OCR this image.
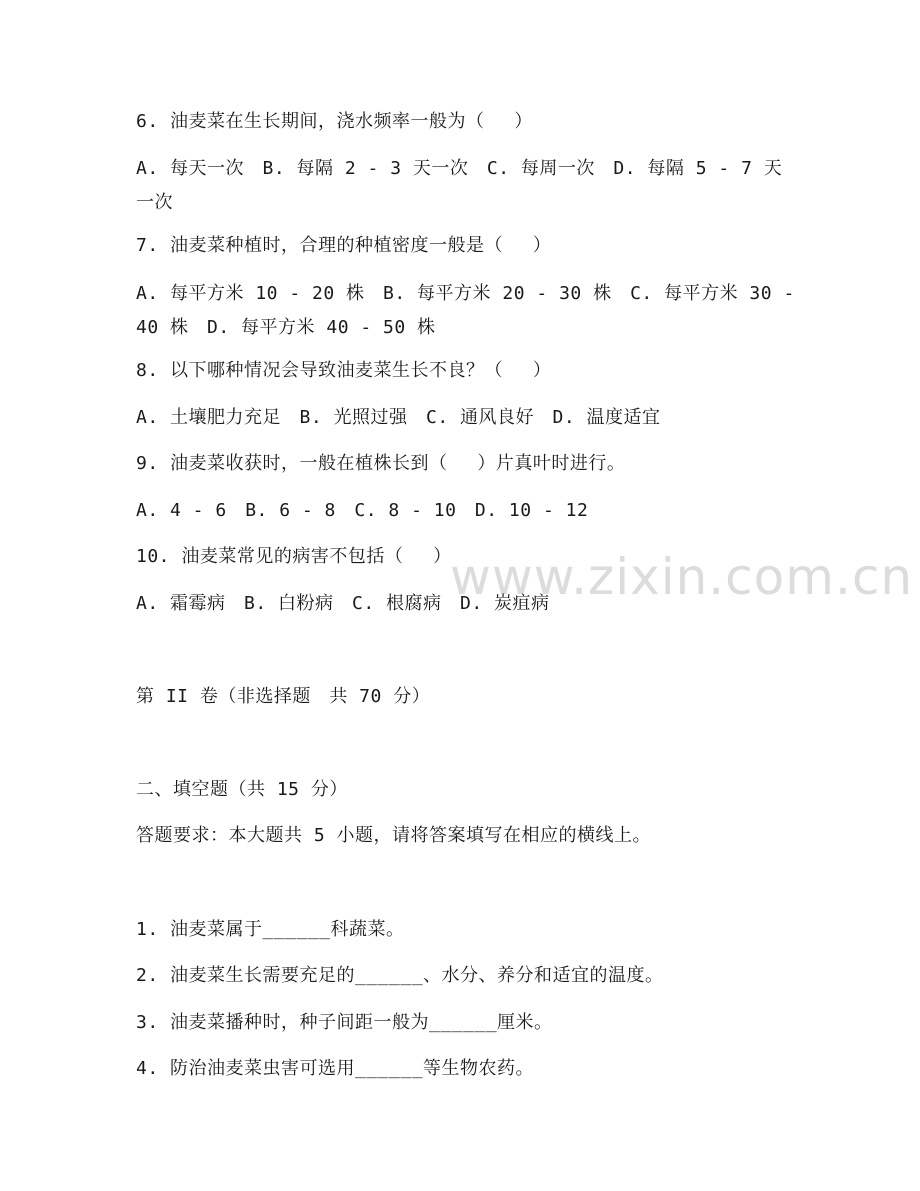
www.zixin.com.cn
6. 油麦菜在生长期间，浇水频率一般为（　 ）
A. 每天一次　B. 每隔 2 - 3 天一次　C. 每周一次　D. 每隔 5 - 7 天一次
7. 油麦菜种植时，合理的种植密度一般是（　 ）
A. 每平方米 10 - 20 株　B. 每平方米 20 - 30 株　C. 每平方米 30 - 40 株　D. 每平方米 40 - 50 株
8. 以下哪种情况会导致油麦菜生长不良？（　 ）
A. 土壤肥力充足　B. 光照过强　C. 通风良好　D. 温度适宜
9. 油麦菜收获时，一般在植株长到（　 ）片真叶时进行。
A. 4 - 6　B. 6 - 8　C. 8 - 10　D. 10 - 12
10. 油麦菜常见的病害不包括（　 ）
A. 霜霉病　B. 白粉病　C. 根腐病　D. 炭疽病
第 II 卷（非选择题　共 70 分）
二、填空题（共 15 分）
答题要求：本大题共 5 小题，请将答案填写在相应的横线上。
1. 油麦菜属于______科蔬菜。
2. 油麦菜生长需要充足的______、水分、养分和适宜的温度。
3. 油麦菜播种时，种子间距一般为______厘米。
4. 防治油麦菜虫害可选用______等生物农药。
